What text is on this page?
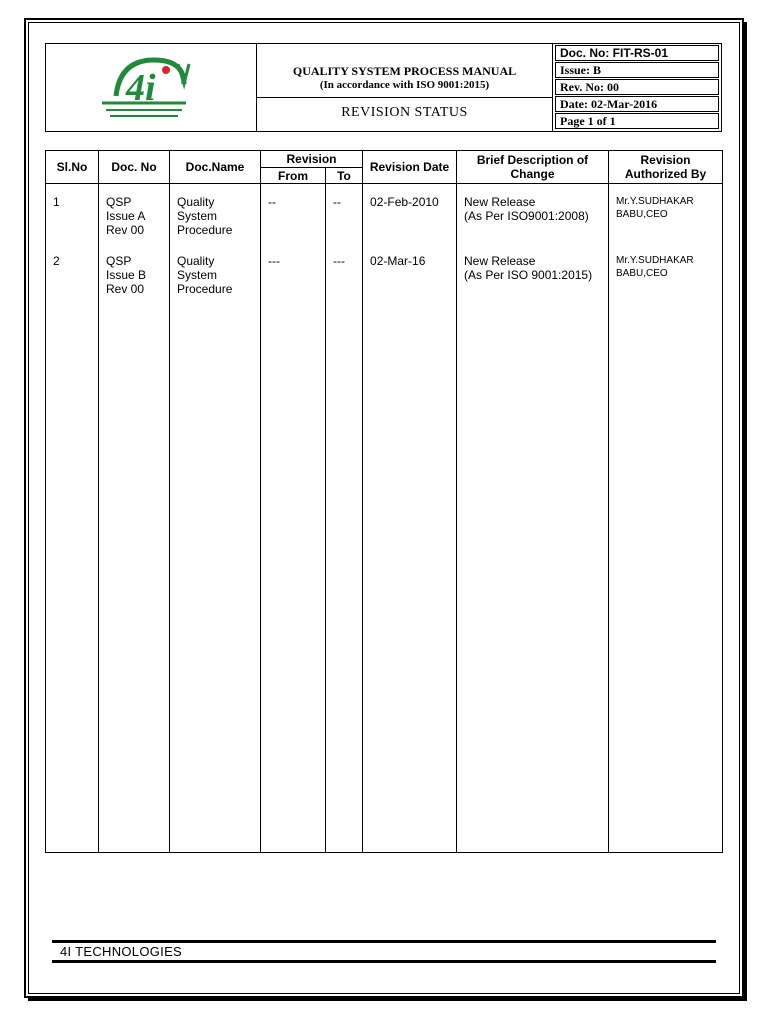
4i	QUALITY SYSTEM PROCESS MANUAL
(In accordance with ISO 9001:2015)
REVISION STATUS
Doc. No: FIT-RS-01
Issue: B
Rev. No: 00
Date: 02-Mar-2016
Page 1 of 1
Sl.No	Doc. No	Doc.Name	Revision		Revision Date	Brief Description of Change	Revision Authorized By
			From	To			
1	QSP
Issue A
Rev 00	Quality
System
Procedure	--	--	02-Feb-2010	New Release
(As Per ISO9001:2008)	Mr.Y.SUDHAKAR
BABU,CEO

2	QSP
Issue B
Rev 00	Quality
System
Procedure	---	---	02-Mar-16	New Release
(As Per ISO 9001:2015)	Mr.Y.SUDHAKAR
BABU,CEO

4I TECHNOLOGIES
